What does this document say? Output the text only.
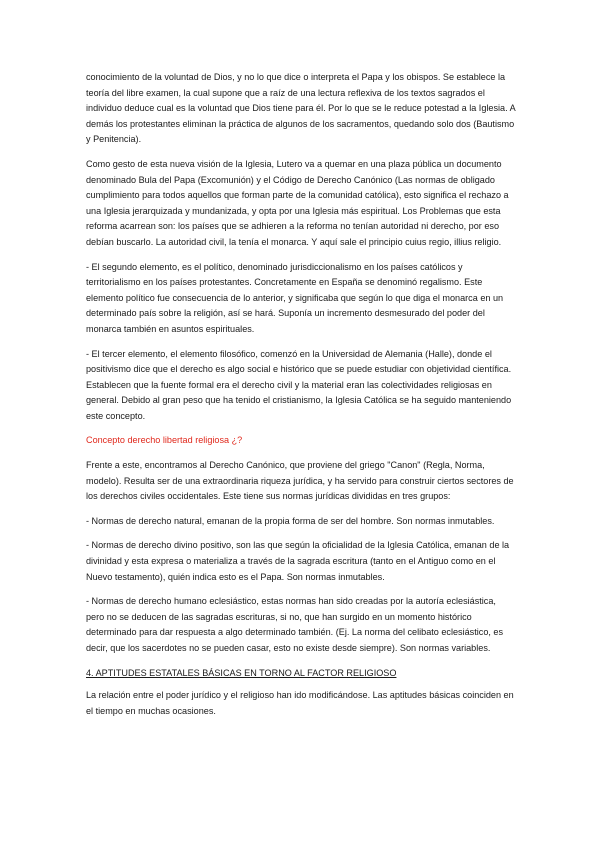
conocimiento de la voluntad de Dios, y no lo que dice o interpreta el Papa y los obispos. Se establece la teoría del libre examen, la cual supone que a raíz de una lectura reflexiva de los textos sagrados el individuo deduce cual es la voluntad que Dios tiene para él. Por lo que se le reduce potestad a la Iglesia. A demás los protestantes eliminan la práctica de algunos de los sacramentos, quedando solo dos (Bautismo y Penitencia).

Como gesto de esta nueva visión de la Iglesia, Lutero va a quemar en una plaza pública un documento denominado Bula del Papa (Excomunión) y el Código de Derecho Canónico (Las normas de obligado cumplimiento para todos aquellos que forman parte de la comunidad católica), esto significa el rechazo a una Iglesia jerarquizada y mundanizada, y opta por una Iglesia más espiritual. Los Problemas que esta reforma acarrean son: los países que se adhieren a la reforma no tenían autoridad ni derecho, por eso debían buscarlo. La autoridad civil, la tenía el monarca. Y aquí sale el principio cuius regio, illius religio.

- El segundo elemento, es el político, denominado jurisdiccionalismo en los países católicos y territorialismo en los países protestantes. Concretamente en España se denominó regalismo. Este elemento político fue consecuencia de lo anterior, y significaba que según lo que diga el monarca en un determinado país sobre la religión, así se hará. Suponía un incremento desmesurado del poder del monarca también en asuntos espirituales.

- El tercer elemento, el elemento filosófico, comenzó en la Universidad de Alemania (Halle), donde el positivismo dice que el derecho es algo social e histórico que se puede estudiar con objetividad científica. Establecen que la fuente formal era el derecho civil y la material eran las colectividades religiosas en general. Debido al gran peso que ha tenido el cristianismo, la Iglesia Católica se ha seguido manteniendo este concepto.

Concepto derecho libertad religiosa ¿?

Frente a este, encontramos al Derecho Canónico, que proviene del griego "Canon" (Regla, Norma, modelo). Resulta ser de una extraordinaria riqueza jurídica, y ha servido para construir ciertos sectores de los derechos civiles occidentales. Este tiene sus normas jurídicas divididas en tres grupos:

- Normas de derecho natural, emanan de la propia forma de ser del hombre. Son normas inmutables.

- Normas de derecho divino positivo, son las que según la oficialidad de la Iglesia Católica, emanan de la divinidad y esta expresa o materializa a través de la sagrada escritura (tanto en el Antiguo como en el Nuevo testamento), quién indica esto es el Papa. Son normas inmutables.

- Normas de derecho humano eclesiástico, estas normas han sido creadas por la autoría eclesiástica, pero no se deducen de las sagradas escrituras, si no, que han surgido en un momento histórico determinado para dar respuesta a algo determinado también. (Ej. La norma del celibato eclesiástico, es decir, que los sacerdotes no se pueden casar, esto no existe desde siempre). Son normas variables.

4. APTITUDES ESTATALES BÁSICAS EN TORNO AL FACTOR RELIGIOSO

La relación entre el poder jurídico y el religioso han ido modificándose. Las aptitudes básicas coinciden en el tiempo en muchas ocasiones.
